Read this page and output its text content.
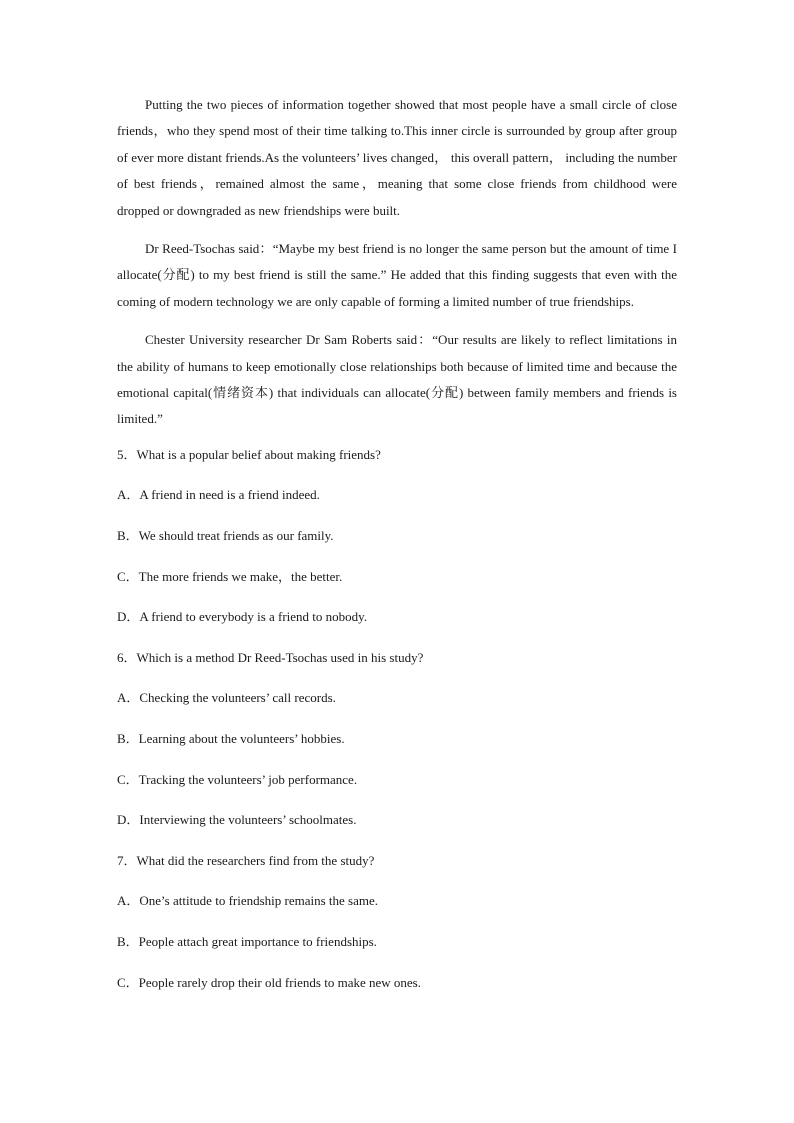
Putting the two pieces of information together showed that most people have a small circle of close friends，who they spend most of their time talking to.This inner circle is surrounded by group after group of ever more distant friends.As the volunteers’ lives changed， this overall pattern， including the number of best friends，remained almost the same，meaning that some close friends from childhood were dropped or downgraded as new friendships were built.

Dr Reed-Tsochas said：“Maybe my best friend is no longer the same person but the amount of time I allocate(分配) to my best friend is still the same.” He added that this finding suggests that even with the coming of modern technology we are only capable of forming a limited number of true friendships.

Chester University researcher Dr Sam Roberts said：“Our results are likely to reflect limitations in the ability of humans to keep emotionally close relationships both because of limited time and because the emotional capital(情绪资本) that individuals can allocate(分配) between family members and friends is limited.”

5．What is a popular belief about making friends?

A．A friend in need is a friend indeed.

B．We should treat friends as our family.

C．The more friends we make，the better.

D．A friend to everybody is a friend to nobody.

6．Which is a method Dr Reed-Tsochas used in his study?

A．Checking the volunteers’ call records.

B．Learning about the volunteers’ hobbies.

C．Tracking the volunteers’ job performance.

D．Interviewing the volunteers’ schoolmates.

7．What did the researchers find from the study?

A．One’s attitude to friendship remains the same.

B．People attach great importance to friendships.

C．People rarely drop their old friends to make new ones.
